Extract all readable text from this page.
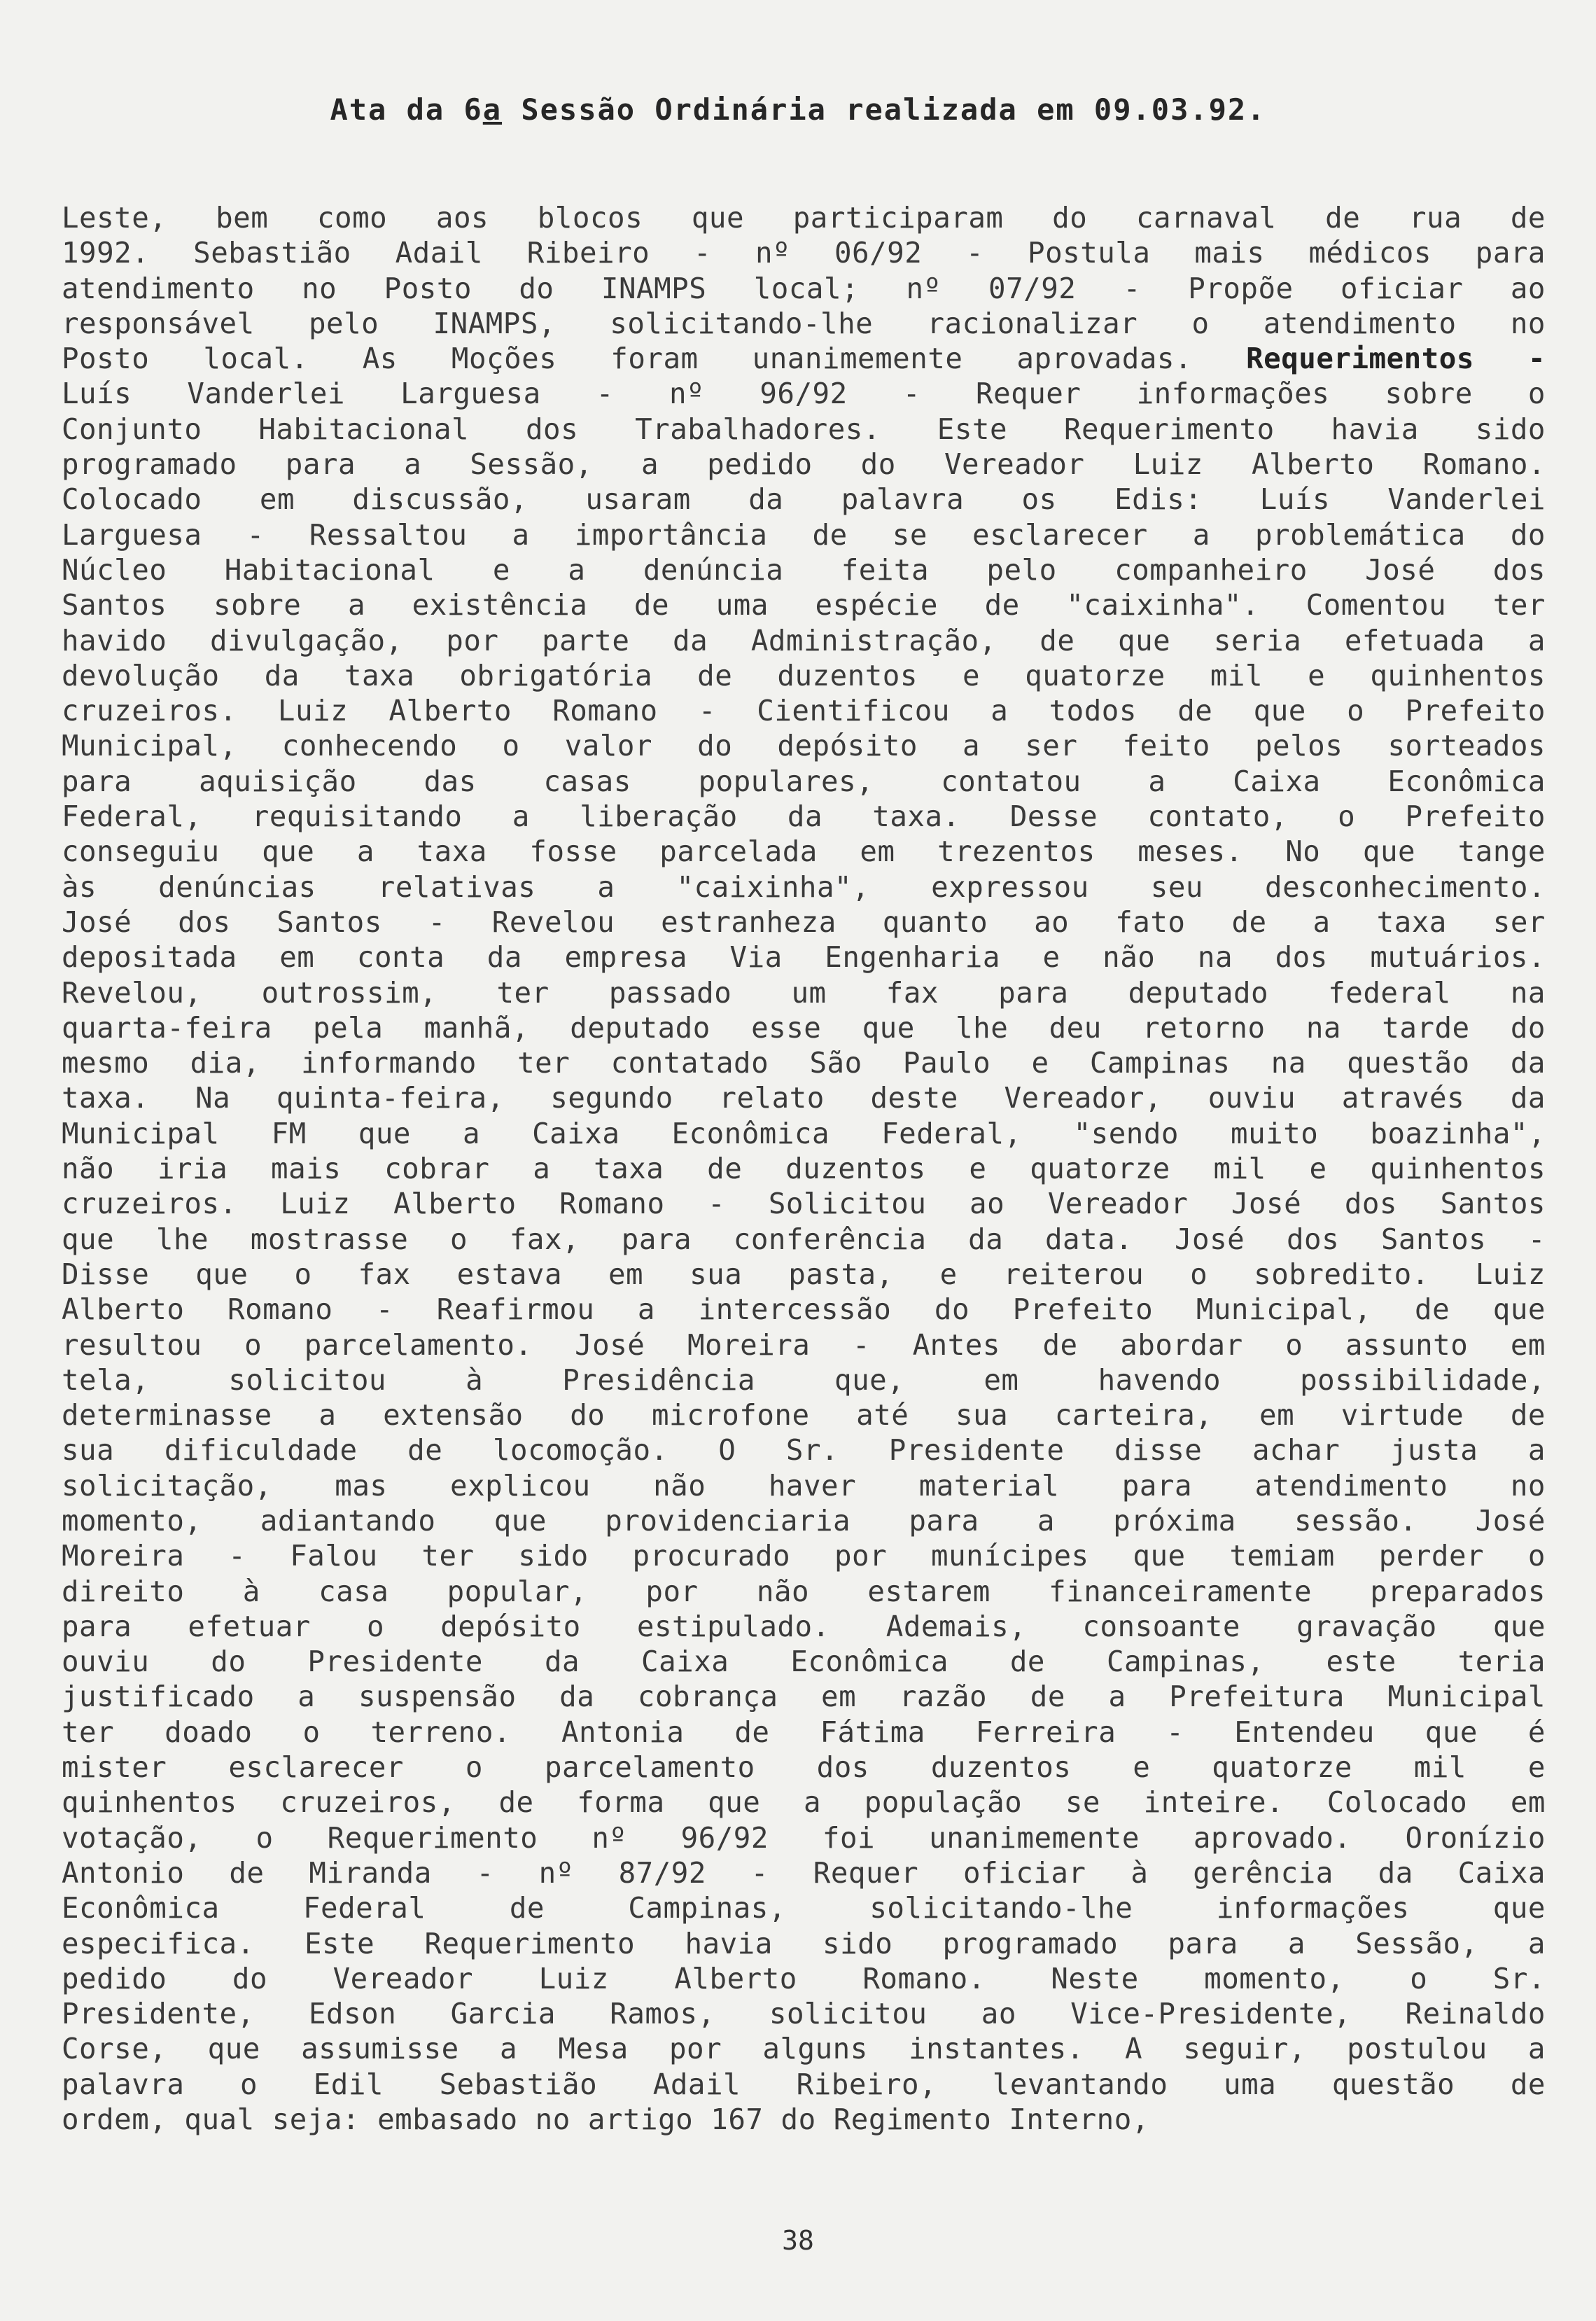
Ata da 6a Sessão Ordinária realizada em 09.03.92.
Leste, bem como aos blocos que participaram do carnaval de rua de
1992. Sebastião Adail Ribeiro - nº 06/92 - Postula mais médicos para
atendimento no Posto do INAMPS local; nº 07/92 - Propõe oficiar ao
responsável pelo INAMPS, solicitando-lhe racionalizar o atendimento no
Posto local. As Moções foram unanimemente aprovadas. Requerimentos -
Luís Vanderlei Larguesa - nº 96/92 - Requer informações sobre o
Conjunto Habitacional dos Trabalhadores. Este Requerimento havia sido
programado para a Sessão, a pedido do Vereador Luiz Alberto Romano.
Colocado em discussão, usaram da palavra os Edis: Luís Vanderlei
Larguesa - Ressaltou a importância de se esclarecer a problemática do
Núcleo Habitacional e a denúncia feita pelo companheiro José dos
Santos sobre a existência de uma espécie de "caixinha". Comentou ter
havido divulgação, por parte da Administração, de que seria efetuada a
devolução da taxa obrigatória de duzentos e quatorze mil e quinhentos
cruzeiros. Luiz Alberto Romano - Cientificou a todos de que o Prefeito
Municipal, conhecendo o valor do depósito a ser feito pelos sorteados
para aquisição das casas populares, contatou a Caixa Econômica
Federal, requisitando a liberação da taxa. Desse contato, o Prefeito
conseguiu que a taxa fosse parcelada em trezentos meses. No que tange
às denúncias relativas a "caixinha", expressou seu desconhecimento.
José dos Santos - Revelou estranheza quanto ao fato de a taxa ser
depositada em conta da empresa Via Engenharia e não na dos mutuários.
Revelou, outrossim, ter passado um fax para deputado federal na
quarta-feira pela manhã, deputado esse que lhe deu retorno na tarde do
mesmo dia, informando ter contatado São Paulo e Campinas na questão da
taxa. Na quinta-feira, segundo relato deste Vereador, ouviu através da
Municipal FM que a Caixa Econômica Federal, "sendo muito boazinha",
não iria mais cobrar a taxa de duzentos e quatorze mil e quinhentos
cruzeiros. Luiz Alberto Romano - Solicitou ao Vereador José dos Santos
que lhe mostrasse o fax, para conferência da data. José dos Santos -
Disse que o fax estava em sua pasta, e reiterou o sobredito. Luiz
Alberto Romano - Reafirmou a intercessão do Prefeito Municipal, de que
resultou o parcelamento. José Moreira - Antes de abordar o assunto em
tela, solicitou à Presidência que, em havendo possibilidade,
determinasse a extensão do microfone até sua carteira, em virtude de
sua dificuldade de locomoção. O Sr. Presidente disse achar justa a
solicitação, mas explicou não haver material para atendimento no
momento, adiantando que providenciaria para a próxima sessão. José
Moreira - Falou ter sido procurado por munícipes que temiam perder o
direito à casa popular, por não estarem financeiramente preparados
para efetuar o depósito estipulado. Ademais, consoante gravação que
ouviu do Presidente da Caixa Econômica de Campinas, este teria
justificado a suspensão da cobrança em razão de a Prefeitura Municipal
ter doado o terreno. Antonia de Fátima Ferreira - Entendeu que é
mister esclarecer o parcelamento dos duzentos e quatorze mil e
quinhentos cruzeiros, de forma que a população se inteire. Colocado em
votação, o Requerimento nº 96/92 foi unanimemente aprovado. Oronízio
Antonio de Miranda - nº 87/92 - Requer oficiar à gerência da Caixa
Econômica Federal de Campinas, solicitando-lhe informações que
especifica. Este Requerimento havia sido programado para a Sessão, a
pedido do Vereador Luiz Alberto Romano. Neste momento, o Sr.
Presidente, Edson Garcia Ramos, solicitou ao Vice-Presidente, Reinaldo
Corse, que assumisse a Mesa por alguns instantes. A seguir, postulou a
palavra o Edil Sebastião Adail Ribeiro, levantando uma questão de
ordem, qual seja: embasado no artigo 167 do Regimento Interno,
38
